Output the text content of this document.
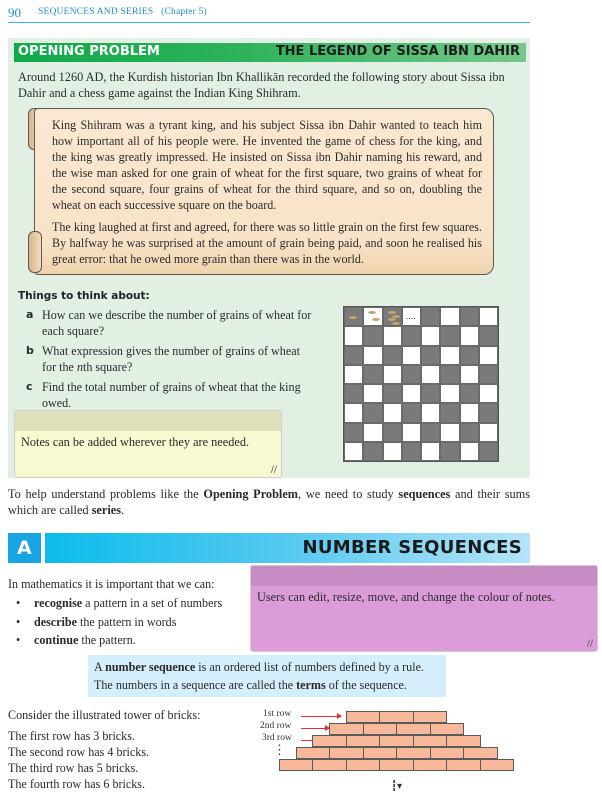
90 SEQUENCES AND SERIES (Chapter 5)
OPENING PROBLEM	THE LEGEND OF SISSA IBN DAHIR
Around 1260 AD, the Kurdish historian Ibn Khallikān recorded the following story about Sissa ibn Dahir and a chess game against the Indian King Shihram.

King Shihram was a tyrant king, and his subject Sissa ibn Dahir wanted to teach him how important all of his people were. He invented the game of chess for the king, and the king was greatly impressed. He insisted on Sissa ibn Dahir naming his reward, and the wise man asked for one grain of wheat for the first square, two grains of wheat for the second square, four grains of wheat for the third square, and so on, doubling the wheat on each successive square on the board.

The king laughed at first and agreed, for there was so little grain on the first few squares. By halfway he was surprised at the amount of grain being paid, and soon he realised his great error: that he owed more grain than there was in the world.

Things to think about:
a How can we describe the number of grains of wheat for each square?
b What expression gives the number of grains of wheat for the nth square?
c Find the total number of grains of wheat that the king owed.
....
Notes can be added wherever they are needed.
∕∕
To help understand problems like the Opening Problem, we need to study sequences and their sums which are called series.
A	NUMBER SEQUENCES
In mathematics it is important that we can:
• recognise a pattern in a set of numbers
• describe the pattern in words
• continue the pattern.
Users can edit, resize, move, and change the colour of notes.
∕∕
A number sequence is an ordered list of numbers defined by a rule.
The numbers in a sequence are called the terms of the sequence.
Consider the illustrated tower of bricks:
The first row has 3 bricks.
The second row has 4 bricks.
The third row has 5 bricks.
The fourth row has 6 bricks.
1st row
2nd row
3rd row
⋮
┇▾
